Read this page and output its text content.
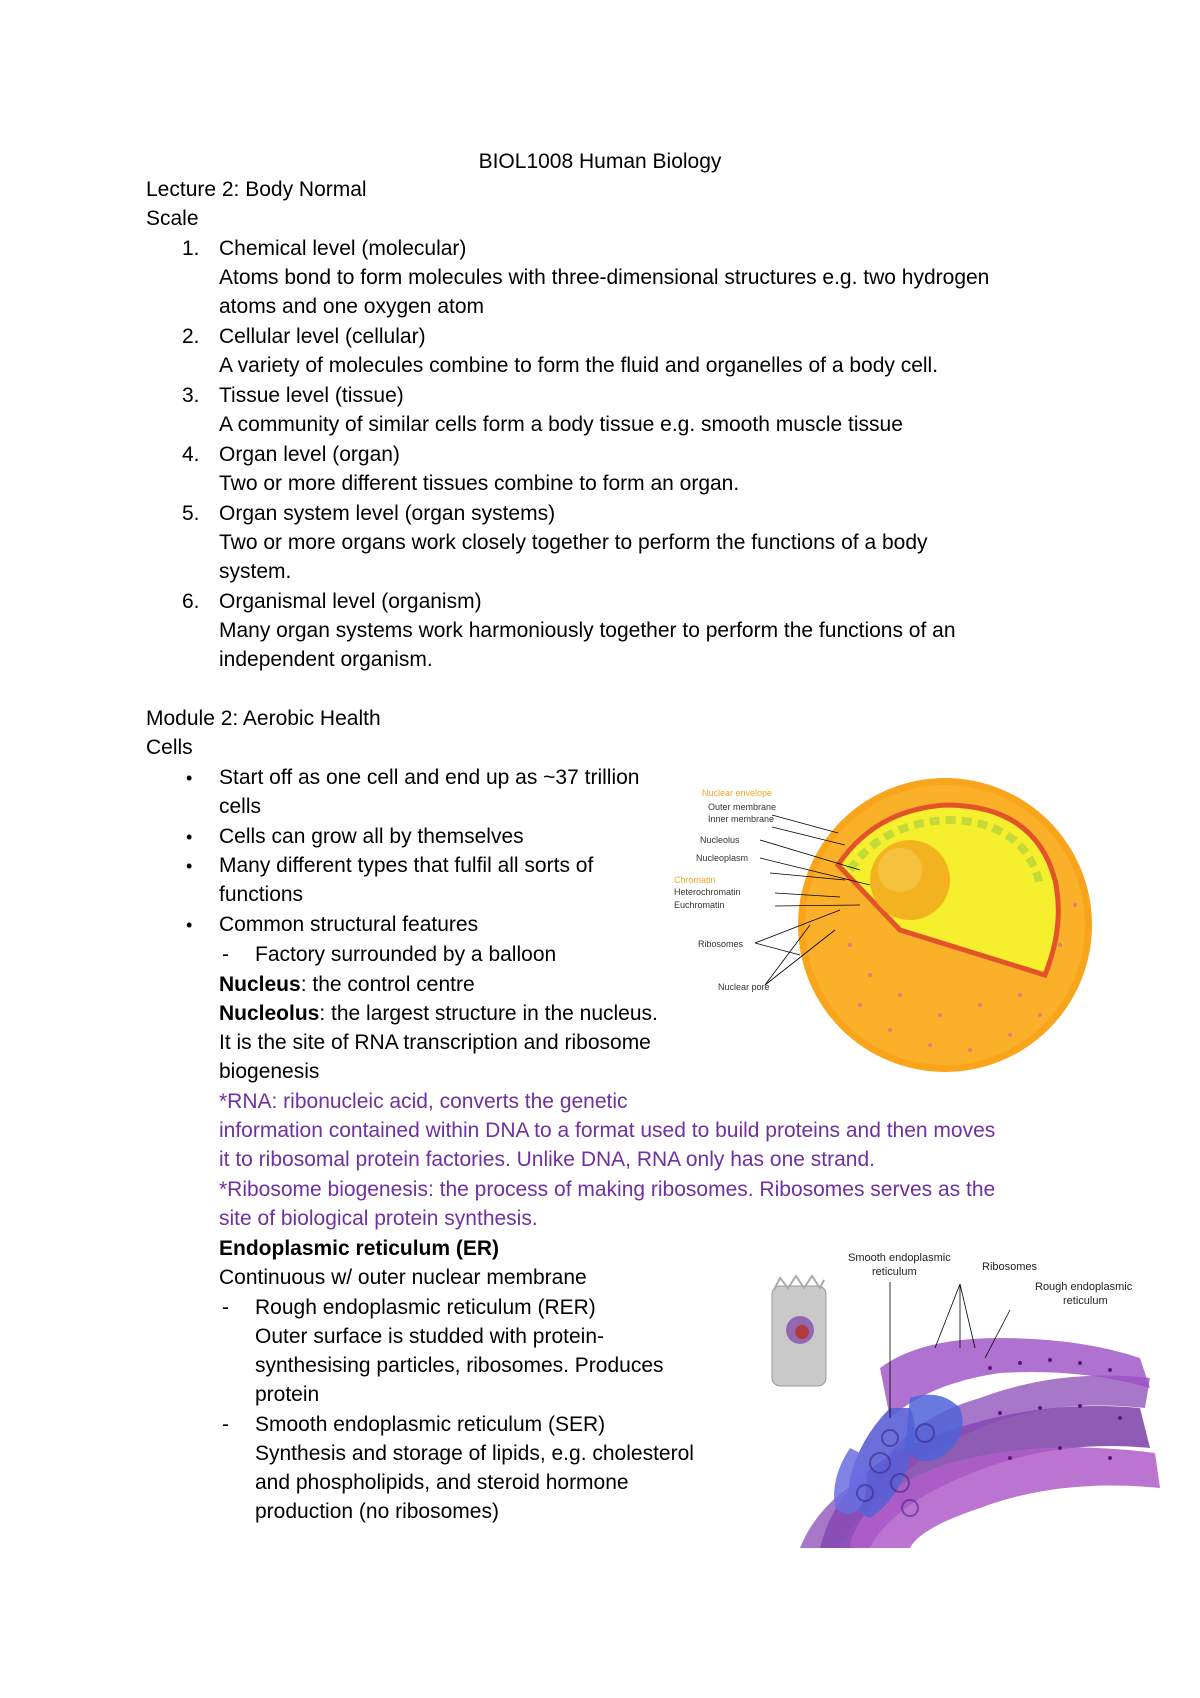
BIOL1008 Human Biology
Lecture 2: Body Normal
Scale
1. Chemical level (molecular)
Atoms bond to form molecules with three-dimensional structures e.g. two hydrogen
atoms and one oxygen atom
2. Cellular level (cellular)
A variety of molecules combine to form the fluid and organelles of a body cell.
3. Tissue level (tissue)
A community of similar cells form a body tissue e.g. smooth muscle tissue
4. Organ level (organ)
Two or more different tissues combine to form an organ.
5. Organ system level (organ systems)
Two or more organs work closely together to perform the functions of a body
system.
6. Organismal level (organism)
Many organ systems work harmoniously together to perform the functions of an
independent organism.
Module 2: Aerobic Health
Cells
• Start off as one cell and end up as ~37 trillion
cells
• Cells can grow all by themselves
• Many different types that fulfil all sorts of
functions
• Common structural features
- Factory surrounded by a balloon
Nucleus: the control centre
Nucleolus: the largest structure in the nucleus.
It is the site of RNA transcription and ribosome
biogenesis
*RNA: ribonucleic acid, converts the genetic
information contained within DNA to a format used to build proteins and then moves
it to ribosomal protein factories. Unlike DNA, RNA only has one strand.
*Ribosome biogenesis: the process of making ribosomes. Ribosomes serves as the
site of biological protein synthesis.
Endoplasmic reticulum (ER)
Continuous w/ outer nuclear membrane
- Rough endoplasmic reticulum (RER)
Outer surface is studded with protein-
synthesising particles, ribosomes. Produces
protein
- Smooth endoplasmic reticulum (SER)
Synthesis and storage of lipids, e.g. cholesterol
and phospholipids, and steroid hormone
production (no ribosomes)
Nuclear envelope
Outer membrane
Inner membrane
Nucleolus
Nucleoplasm
Chromatin
Heterochromatin
Euchromatin
Ribosomes
Nuclear pore
Smooth endoplasmic
reticulum	Ribosomes
Rough endoplasmic
reticulum
